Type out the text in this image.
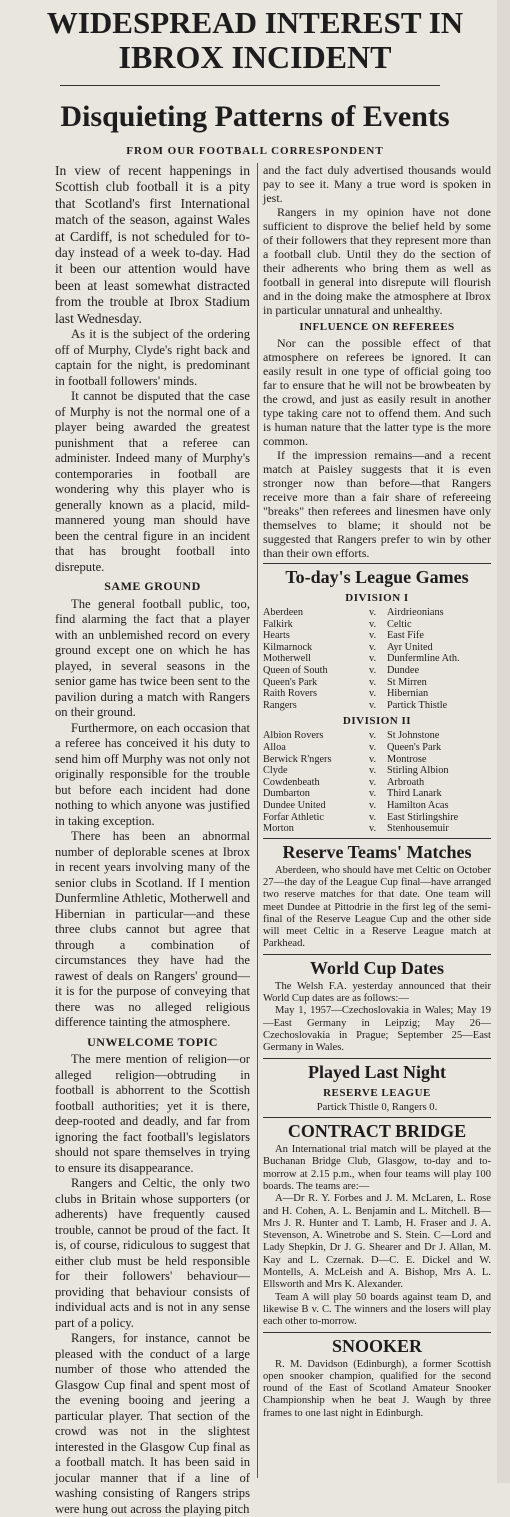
WIDESPREAD INTEREST IN
IBROX INCIDENT
Disquieting Patterns of Events
FROM OUR FOOTBALL CORRESPONDENT

In view of recent happenings in Scottish club football it is a pity that Scotland's first International match of the season, against Wales at Cardiff, is not scheduled for to-day instead of a week to-day. Had it been our attention would have been at least somewhat distracted from the trouble at Ibrox Stadium last Wednesday.

As it is the subject of the ordering off of Murphy, Clyde's right back and captain for the night, is predominant in football followers' minds.

It cannot be disputed that the case of Murphy is not the normal one of a player being awarded the greatest punishment that a referee can administer. Indeed many of Murphy's contemporaries in football are wondering why this player who is generally known as a placid, mild-mannered young man should have been the central figure in an incident that has brought football into disrepute.

SAME GROUND

The general football public, too, find alarming the fact that a player with an unblemished record on every ground except one on which he has played, in several seasons in the senior game has twice been sent to the pavilion during a match with Rangers on their ground.

Furthermore, on each occasion that a referee has conceived it his duty to send him off Murphy was not only not originally responsible for the trouble but before each incident had done nothing to which anyone was justified in taking exception.

There has been an abnormal number of deplorable scenes at Ibrox in recent years involving many of the senior clubs in Scotland. If I mention Dunfermline Athletic, Motherwell and Hibernian in particular—and these three clubs cannot but agree that through a combination of circumstances they have had the rawest of deals on Rangers' ground—it is for the purpose of conveying that there was no alleged religious difference tainting the atmosphere.

UNWELCOME TOPIC

The mere mention of religion—or alleged religion—obtruding in football is abhorrent to the Scottish football authorities; yet it is there, deep-rooted and deadly, and far from ignoring the fact football's legislators should not spare themselves in trying to ensure its disappearance.

Rangers and Celtic, the only two clubs in Britain whose supporters (or adherents) have frequently caused trouble, cannot be proud of the fact. It is, of course, ridiculous to suggest that either club must be held responsible for their followers' behaviour—providing that behaviour consists of individual acts and is not in any sense part of a policy.

Rangers, for instance, cannot be pleased with the conduct of a large number of those who attended the Glasgow Cup final and spent most of the evening booing and jeering a particular player. That section of the crowd was not in the slightest interested in the Glasgow Cup final as a football match. It has been said in jocular manner that if a line of washing consisting of Rangers strips were hung out across the playing pitch

and the fact duly advertised thousands would pay to see it. Many a true word is spoken in jest.

Rangers in my opinion have not done sufficient to disprove the belief held by some of their followers that they represent more than a football club. Until they do the section of their adherents who bring them as well as football in general into disrepute will flourish and in the doing make the atmosphere at Ibrox in particular unnatural and unhealthy.

INFLUENCE ON REFEREES

Nor can the possible effect of that atmosphere on referees be ignored. It can easily result in one type of official going too far to ensure that he will not be browbeaten by the crowd, and just as easily result in another type taking care not to offend them. And such is human nature that the latter type is the more common.

If the impression remains—and a recent match at Paisley suggests that it is even stronger now than before—that Rangers receive more than a fair share of refereeing "breaks" then referees and linesmen have only themselves to blame; it should not be suggested that Rangers prefer to win by other than their own efforts.

To-day's League Games
DIVISION I
Aberdeen	v.	Airdrieonians
Falkirk	v.	Celtic
Hearts	v.	East Fife
Kilmarnock	v.	Ayr United
Motherwell	v.	Dunfermline Ath.
Queen of South	v.	Dundee
Queen's Park	v.	St Mirren
Raith Rovers	v.	Hibernian
Rangers	v.	Partick Thistle
DIVISION II
Albion Rovers	v.	St Johnstone
Alloa	v.	Queen's Park
Berwick R'ngers	v.	Montrose
Clyde	v.	Stirling Albion
Cowdenbeath	v.	Arbroath
Dumbarton	v.	Third Lanark
Dundee United	v.	Hamilton Acas
Forfar Athletic	v.	East Stirlingshire
Morton	v.	Stenhousemuir
Reserve Teams' Matches

Aberdeen, who should have met Celtic on October 27—the day of the League Cup final—have arranged two reserve matches for that date. One team will meet Dundee at Pittodrie in the first leg of the semi-final of the Reserve League Cup and the other side will meet Celtic in a Reserve League match at Parkhead.

World Cup Dates

The Welsh F.A. yesterday announced that their World Cup dates are as follows:—

May 1, 1957—Czechoslovakia in Wales; May 19—East Germany in Leipzig; May 26—Czechoslovakia in Prague; September 25—East Germany in Wales.

Played Last Night
RESERVE LEAGUE
Partick Thistle 0, Rangers 0.
CONTRACT BRIDGE

An International trial match will be played at the Buchanan Bridge Club, Glasgow, to-day and to-morrow at 2.15 p.m., when four teams will play 100 boards. The teams are:—

A—Dr R. Y. Forbes and J. M. McLaren, L. Rose and H. Cohen, A. L. Benjamin and L. Mitchell. B—Mrs J. R. Hunter and T. Lamb, H. Fraser and J. A. Stevenson, A. Winetrobe and S. Stein. C—Lord and Lady Shepkin, Dr J. G. Shearer and Dr J. Allan, M. Kay and L. Czernak. D—C. E. Dickel and W. Montells, A. McLeish and A. Bishop, Mrs A. L. Ellsworth and Mrs K. Alexander.

Team A will play 50 boards against team D, and likewise B v. C. The winners and the losers will play each other to-morrow.

SNOOKER

R. M. Davidson (Edinburgh), a former Scottish open snooker champion, qualified for the second round of the East of Scotland Amateur Snooker Championship when he beat J. Waugh by three frames to one last night in Edinburgh.
